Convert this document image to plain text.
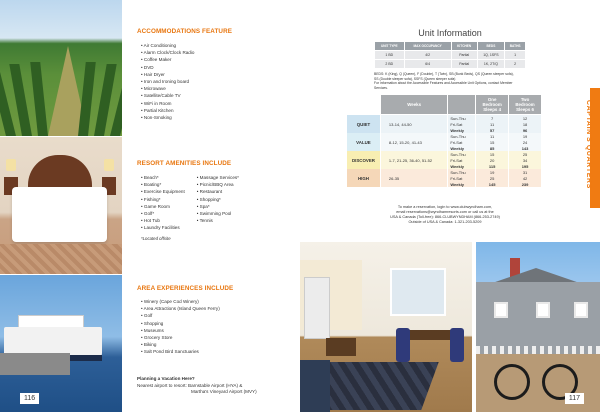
116
ACCOMMODATIONS FEATURE
• Air Conditioning
• Alarm Clock/Clock Radio
• Coffee Maker
• DVD
• Hair Dryer
• Iron and Ironing board
• Microwave
• Satellite/Cable TV
• WiFi in Room
• Partial Kitchen
• Non-Smoking
RESORT AMENITIES INCLUDE
• Beach*
• Boating*
• Exercise Equipment
• Fishing*
• Game Room
• Golf*
• Hot Tub
• Laundry Facilities
• Massage Services*
• Picnic/BBQ Area
• Restaurant
• Shopping*
• Spa*
• Swimming Pool
• Tennis
*Located offsite
AREA EXPERIENCES INCLUDE
• Winery (Cape Cod Winery)
• Area Attractions (Island Queen Ferry)
• Golf
• Shopping
• Museums
• Grocery Store
• Biking
• Salt Pond Bird Sanctuaries
Planning a Vacation Here?
Nearest airport to resort: Barnstable Airport (HYA) &
Martha's Vineyard Airport (MVY)
Unit Information
UNIT TYPE	MAX OCCUPANCY	KITCHEN	BEDS	BATHS
1 BD	4/2	Partial	1Q, 1SFS	1
2 BD	6/4	Partial	1K, 2T/Q	2
BEDS: K (King), Q (Queen), F (Double), T (Twin), SB (Bunk Beds), QS (Queen sleeper sofa),
SS (Double sleeper sofa), SSFS (Queen sleeper sofa)
For information about the Accessible Features and Accessible Unit Options, contact Member Services.
	Weeks		One Bedroom Sleeps 4	Two Bedroom Sleeps 6
QUIET	13-14, 44-50	Sun-Thu	7	12
		Fri-Sat	11	18
		Weekly	57	96
VALUE	8-12, 15-20, 41-43	Sun-Thu	11	19
		Fri-Sat	15	24
		Weekly	85	143
DISCOVER	1-7, 21-25, 36-40, 51-52	Sun-Thu	15	25
		Fri-Sat	20	34
		Weekly	115	195
HIGH	26-35	Sun-Thu	19	31
		Fri-Sat	25	42
		Weekly	145	239
To make a reservation, login to www.clubwyndham.com,
email reservations@wyndhamresorts.com or call us at the
USA & Canada (Toll-free): 866-CLUBWYNDHAM (866-253-2749)
Outside of USA & Canada: 1-321-203-5209
CAPTAIN'S QUARTERS
117
